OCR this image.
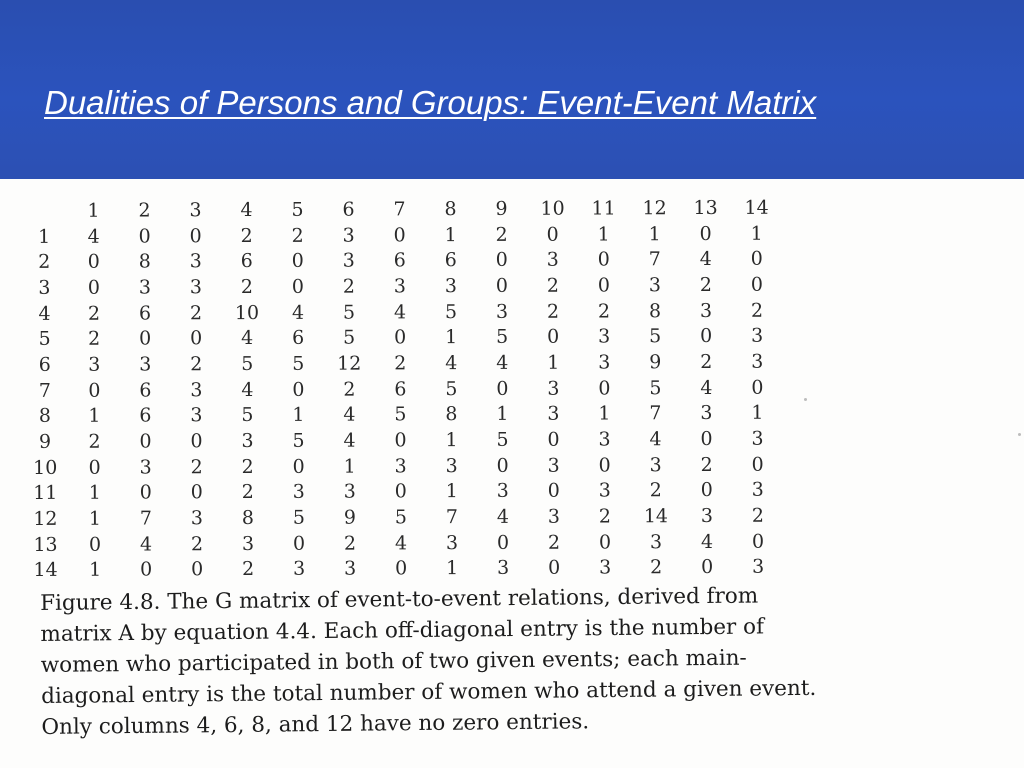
Dualities of Persons and Groups: Event-Event Matrix
	1	2	3	4	5	6	7	8	9	10	11	12	13	14
1	4	0	0	2	2	3	0	1	2	0	1	1	0	1
2	0	8	3	6	0	3	6	6	0	3	0	7	4	0
3	0	3	3	2	0	2	3	3	0	2	0	3	2	0
4	2	6	2	10	4	5	4	5	3	2	2	8	3	2
5	2	0	0	4	6	5	0	1	5	0	3	5	0	3
6	3	3	2	5	5	12	2	4	4	1	3	9	2	3
7	0	6	3	4	0	2	6	5	0	3	0	5	4	0
8	1	6	3	5	1	4	5	8	1	3	1	7	3	1
9	2	0	0	3	5	4	0	1	5	0	3	4	0	3
10	0	3	2	2	0	1	3	3	0	3	0	3	2	0
11	1	0	0	2	3	3	0	1	3	0	3	2	0	3
12	1	7	3	8	5	9	5	7	4	3	2	14	3	2
13	0	4	2	3	0	2	4	3	0	2	0	3	4	0
14	1	0	0	2	3	3	0	1	3	0	3	2	0	3

Figure 4.8. The G matrix of event-to-event relations, derived from

matrix A by equation 4.4. Each off-diagonal entry is the number of

women who participated in both of two given events; each main-

diagonal entry is the total number of women who attend a given event.

Only columns 4, 6, 8, and 12 have no zero entries.
